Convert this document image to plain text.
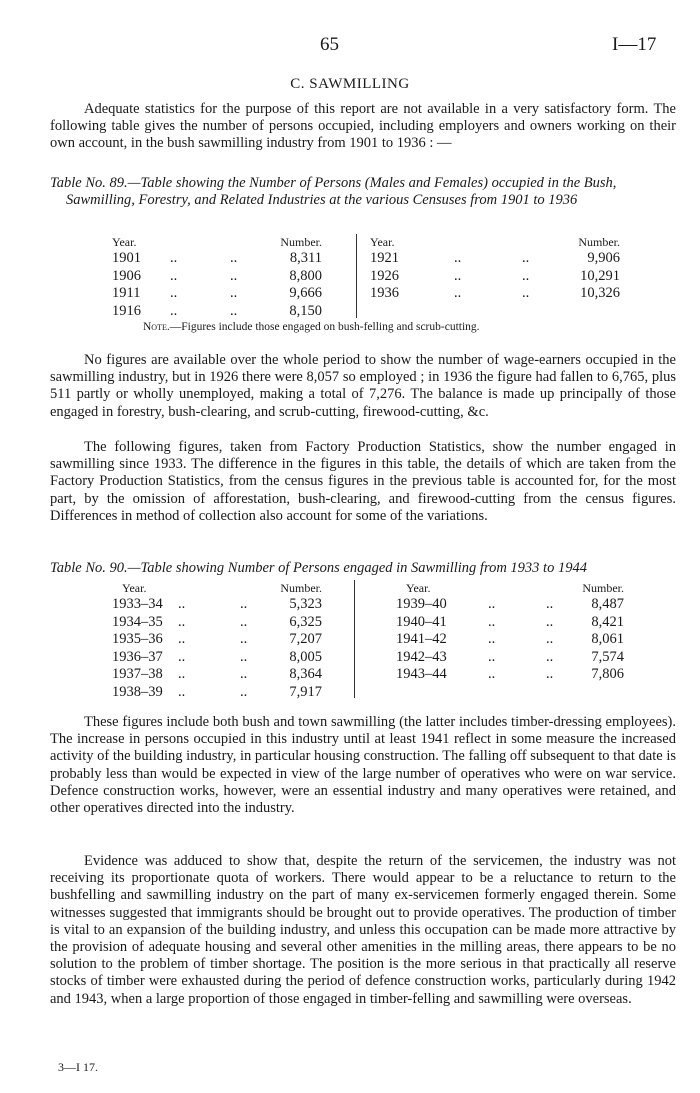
65	I—17
C. SAWMILLING

Adequate statistics for the purpose of this report are not available in a very satisfactory form. The following table gives the number of persons occupied, including employers and owners working on their own account, in the bush sawmilling industry from 1901 to 1936 : —

Table No. 89.—Table showing the Number of Persons (Males and Females) occupied in the Bush, Sawmilling, Forestry, and Related Industries at the various Censuses from 1901 to 1936

Year.	Number.
1901 ..	..	8,311
1906 ..	..	8,800
1911 ..	..	9,666
1916 ..	..	8,150
Year.	Number.
1921	..	..	9,906
1926	..	..	10,291
1936	..	..	10,326
Note.—Figures include those engaged on bush-felling and scrub-cutting.

No figures are available over the whole period to show the number of wage-earners occupied in the sawmilling industry, but in 1926 there were 8,057 so employed ; in 1936 the figure had fallen to 6,765, plus 511 partly or wholly unemployed, making a total of 7,276. The balance is made up principally of those engaged in forestry, bush-clearing, and scrub-cutting, firewood-cutting, &c.

The following figures, taken from Factory Production Statistics, show the number engaged in sawmilling since 1933. The difference in the figures in this table, the details of which are taken from the Factory Production Statistics, from the census figures in the previous table is accounted for, for the most part, by the omission of afforestation, bush-clearing, and firewood-cutting from the census figures. Differences in method of collection also account for some of the variations.

Table No. 90.—Table showing Number of Persons engaged in Sawmilling from 1933 to 1944

Year.	Number.
1933–34 ..	..	5,323
1934–35 ..	..	6,325
1935–36 ..	..	7,207
1936–37 ..	..	8,005
1937–38 ..	..	8,364
1938–39 ..	..	7,917
Year.	Number.
1939–40	..	..	8,487
1940–41	..	..	8,421
1941–42	..	..	8,061
1942–43	..	..	7,574
1943–44	..	..	7,806

These figures include both bush and town sawmilling (the latter includes timber-dressing employees). The increase in persons occupied in this industry until at least 1941 reflect in some measure the increased activity of the building industry, in particular housing construction. The falling off subsequent to that date is probably less than would be expected in view of the large number of operatives who were on war service. Defence construction works, however, were an essential industry and many operatives were retained, and other operatives directed into the industry.

Evidence was adduced to show that, despite the return of the servicemen, the industry was not receiving its proportionate quota of workers. There would appear to be a reluctance to return to the bushfelling and sawmilling industry on the part of many ex-servicemen formerly engaged therein. Some witnesses suggested that immigrants should be brought out to provide operatives. The production of timber is vital to an expansion of the building industry, and unless this occupation can be made more attractive by the provision of adequate housing and several other amenities in the milling areas, there appears to be no solution to the problem of timber shortage. The position is the more serious in that practically all reserve stocks of timber were exhausted during the period of defence construction works, particularly during 1942 and 1943, when a large proportion of those engaged in timber-felling and sawmilling were overseas.

3—I 17.
